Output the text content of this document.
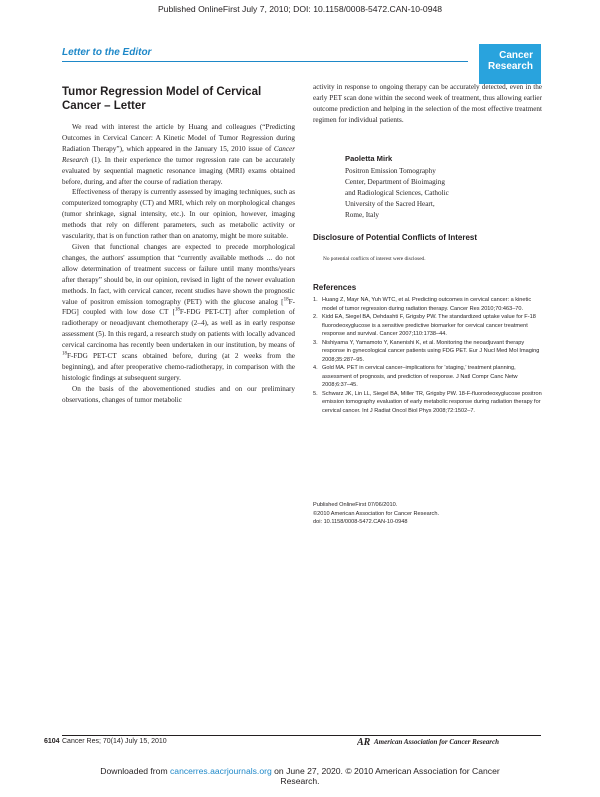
Published OnlineFirst July 7, 2010; DOI: 10.1158/0008-5472.CAN-10-0948
Letter to the Editor	Cancer
Research
Tumor Regression Model of Cervical Cancer – Letter

We read with interest the article by Huang and colleagues (“Predicting Outcomes in Cervical Cancer: A Kinetic Model of Tumor Regression during Radiation Therapy”), which appeared in the January 15, 2010 issue of Cancer Research (1). In their experience the tumor regression rate can be accurately evaluated by sequential magnetic resonance imaging (MRI) exams obtained before, during, and after the course of radiation therapy.

Effectiveness of therapy is currently assessed by imaging techniques, such as computerized tomography (CT) and MRI, which rely on morphological changes (tumor shrinkage, signal intensity, etc.). In our opinion, however, imaging methods that rely on different parameters, such as metabolic activity or vascularity, that is on function rather than on anatomy, might be more suitable.

Given that functional changes are expected to precede morphological changes, the authors' assumption that “currently available methods ... do not allow determination of treatment success or failure until many months/years after therapy” should be, in our opinion, revised in light of the newer evaluation methods. In fact, with cervical cancer, recent studies have shown the prognostic value of positron emission tomography (PET) with the glucose analog [$^{18}$F-FDG] coupled with low dose CT [$^{18}$F-FDG PET-CT] after completion of radiotherapy or neoadjuvant chemotherapy (2–4), as well as in early response assessment (5). In this regard, a research study on patients with locally advanced cervical carcinoma has recently been undertaken in our institution, by means of $^{18}$F-FDG PET-CT scans obtained before, during (at 2 weeks from the beginning), and after preoperative chemo-radiotherapy, in comparison with the histologic findings at subsequent surgery.

On the basis of the abovementioned studies and on our preliminary observations, changes of tumor metabolic

activity in response to ongoing therapy can be accurately detected, even in the early PET scan done within the second week of treatment, thus allowing earlier outcome prediction and helping in the selection of the most effective treatment regimen for individual patients.

Paoletta Mirk
Positron Emission Tomography
Center, Department of Bioimaging
and Radiological Sciences, Catholic
University of the Sacred Heart,
Rome, Italy
Disclosure of Potential Conflicts of Interest
No potential conflicts of interest were disclosed.
References
1. Huang Z, Mayr NA, Yuh WTC, et al. Predicting outcomes in cervical cancer: a kinetic model of tumor regression during radiation therapy. Cancer Res 2010;70:463–70.
2. Kidd EA, Siegel BA, Dehdashti F, Grigsby PW. The standardized uptake value for F-18 fluorodeoxyglucose is a sensitive predictive biomarker for cervical cancer treatment response and survival. Cancer 2007;110:1738–44.
3. Nishiyama Y, Yamamoto Y, Kanenishi K, et al. Monitoring the neoadjuvant therapy response in gynecological cancer patients using FDG PET. Eur J Nucl Med Mol Imaging 2008;35:287–95.
4. Gold MA. PET in cervical cancer–implications for ‘staging,’ treatment planning, assessment of prognosis, and prediction of response. J Natl Compr Canc Netw 2008;6:37–45.
5. Schwarz JK, Lin LL, Siegel BA, Miller TR, Grigsby PW. 18-F-fluorodeoxyglucose positron emission tomography evaluation of early metabolic response during radiation therapy for cervical cancer. Int J Radiat Oncol Biol Phys 2008;72:1502–7.
Published OnlineFirst 07/06/2010.
©2010 American Association for Cancer Research.
doi: 10.1158/0008-5472.CAN-10-0948
6104 Cancer Res; 70(14) July 15, 2010	AR American Association for Cancer Research
Downloaded from cancerres.aacrjournals.org on June 27, 2020. © 2010 American Association for Cancer
Research.
